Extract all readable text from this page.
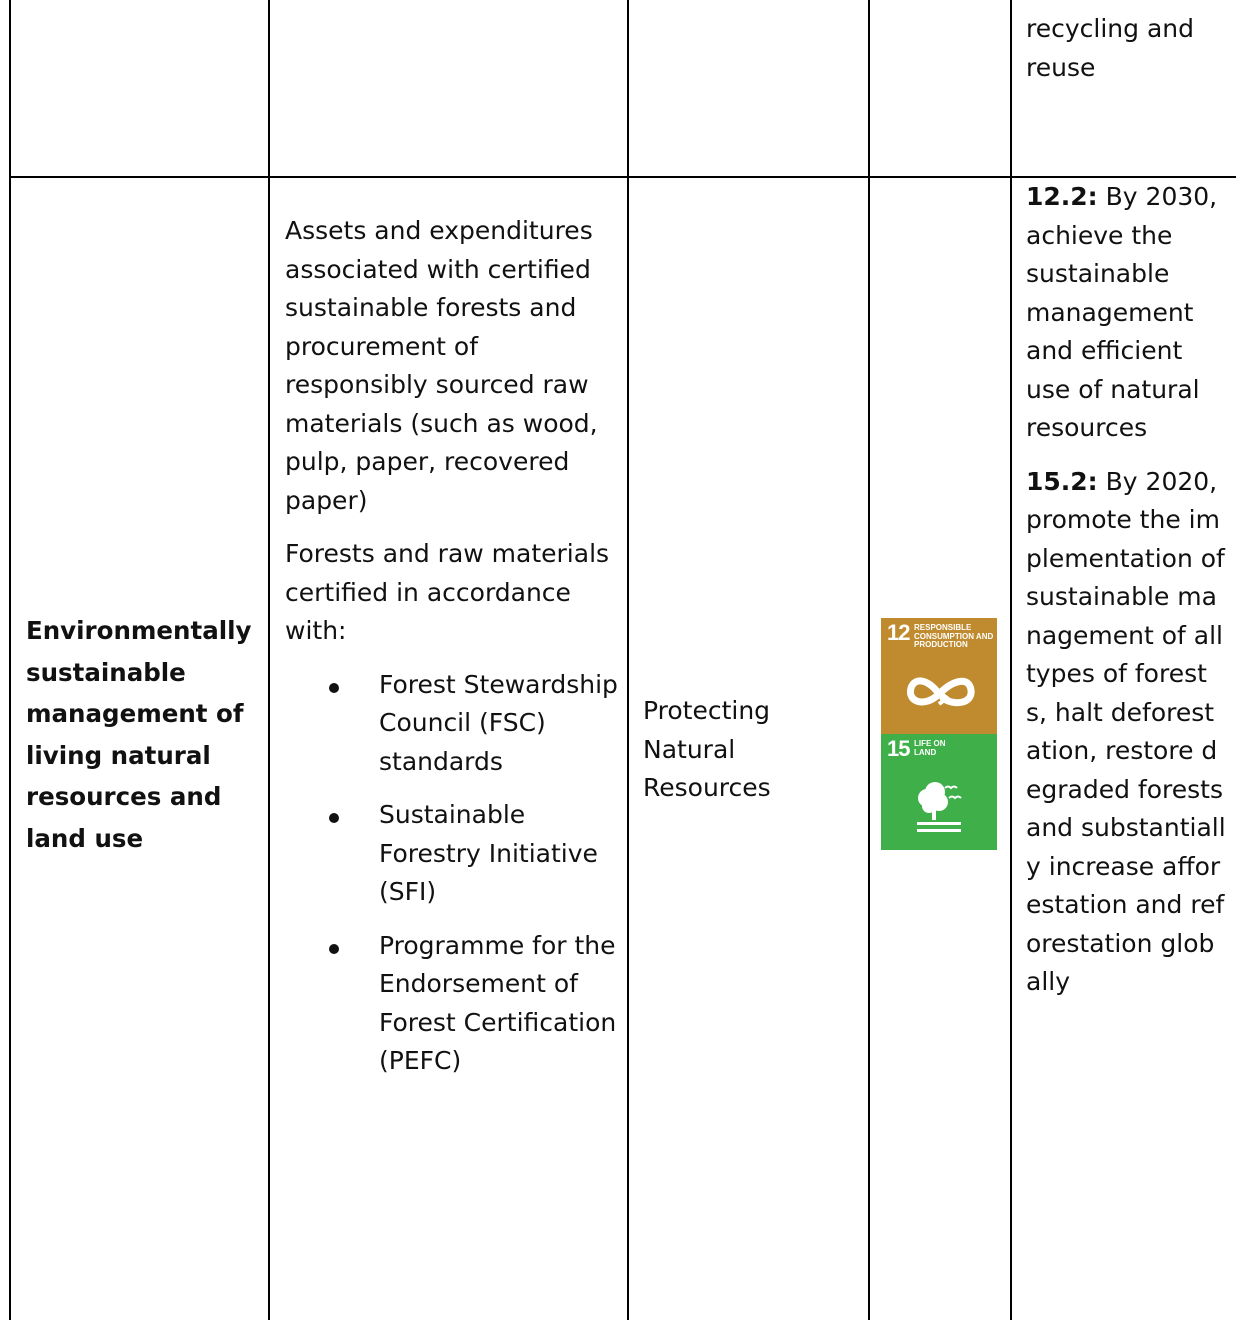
recycling and reuse

Environmentally sustainable management of living natural resources and land use

Assets and expenditures associated with certified sustainable forests and procurement of responsibly sourced raw materials (such as wood, pulp, paper, recovered paper)

Forests and raw materials certified in accordance with:

Forest Stewardship Council (FSC) standards
Sustainable Forestry Initiative (SFI)
Programme for the Endorsement of Forest Certification (PEFC)
Protecting Natural Resources
12 RESPONSIBLE CONSUMPTION AND PRODUCTION
15 LIFE ON LAND

12.2: By 2030, achieve the sustainable management and efficient use of natural resources

15.2: By 2020, promote the implementation of sustainable management of all types of forests, halt deforestation, restore degraded forests and substantially increase afforestation and reforestation globally
